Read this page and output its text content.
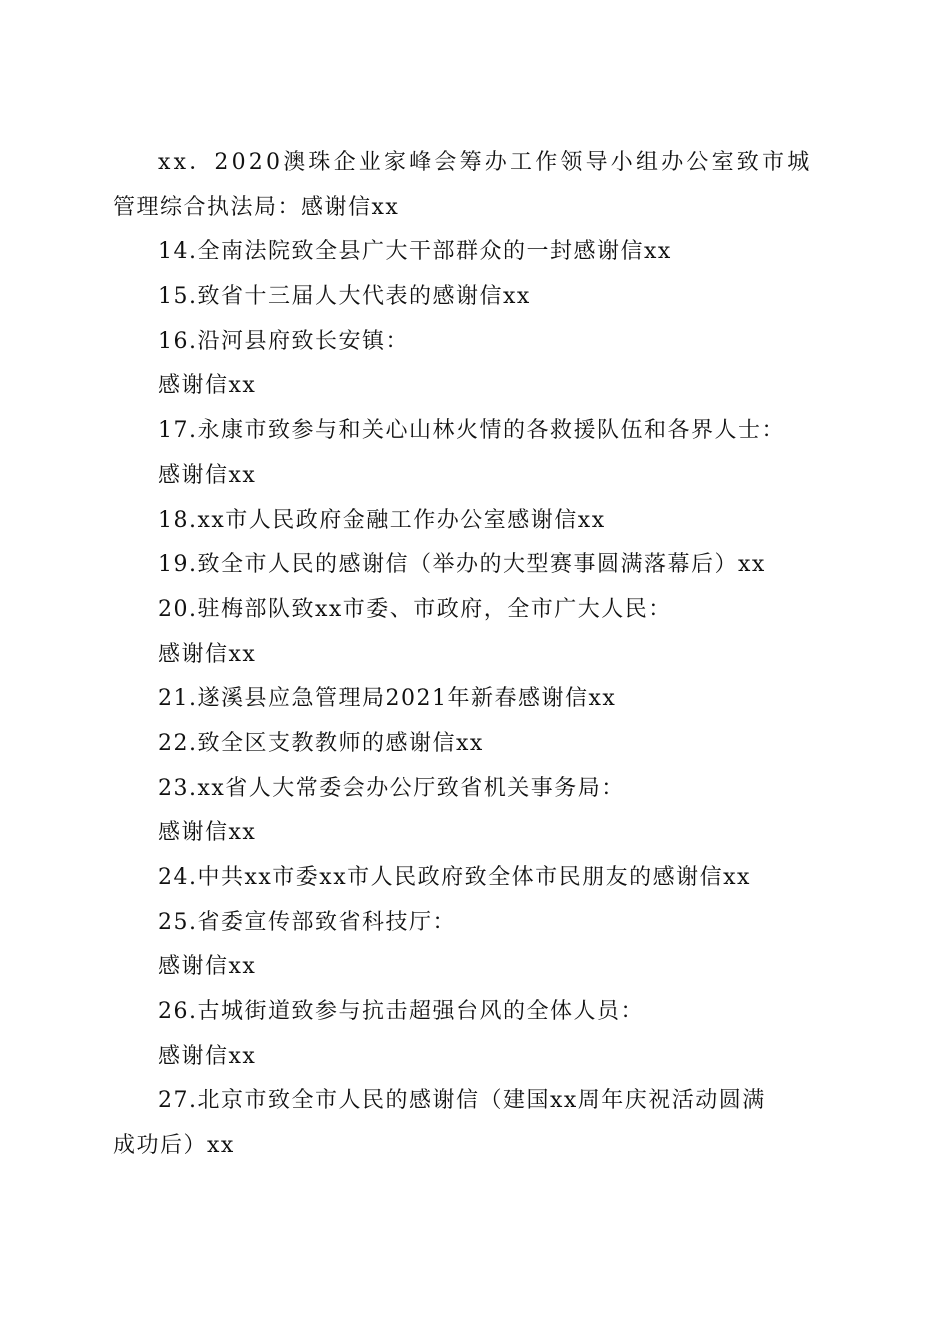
xx．2020澳珠企业家峰会筹办工作领导小组办公室致市城
管理综合执法局：感谢信xx
14.全南法院致全县广大干部群众的一封感谢信xx
15.致省十三届人大代表的感谢信xx
16.沿河县府致长安镇：
感谢信xx
17.永康市致参与和关心山林火情的各救援队伍和各界人士：
感谢信xx
18.xx市人民政府金融工作办公室感谢信xx
19.致全市人民的感谢信（举办的大型赛事圆满落幕后）xx
20.驻梅部队致xx市委、市政府，全市广大人民：
感谢信xx
21.遂溪县应急管理局2021年新春感谢信xx
22.致全区支教教师的感谢信xx
23.xx省人大常委会办公厅致省机关事务局：
感谢信xx
24.中共xx市委xx市人民政府致全体市民朋友的感谢信xx
25.省委宣传部致省科技厅：
感谢信xx
26.古城街道致参与抗击超强台风的全体人员：
感谢信xx
27.北京市致全市人民的感谢信（建国xx周年庆祝活动圆满
成功后）xx
